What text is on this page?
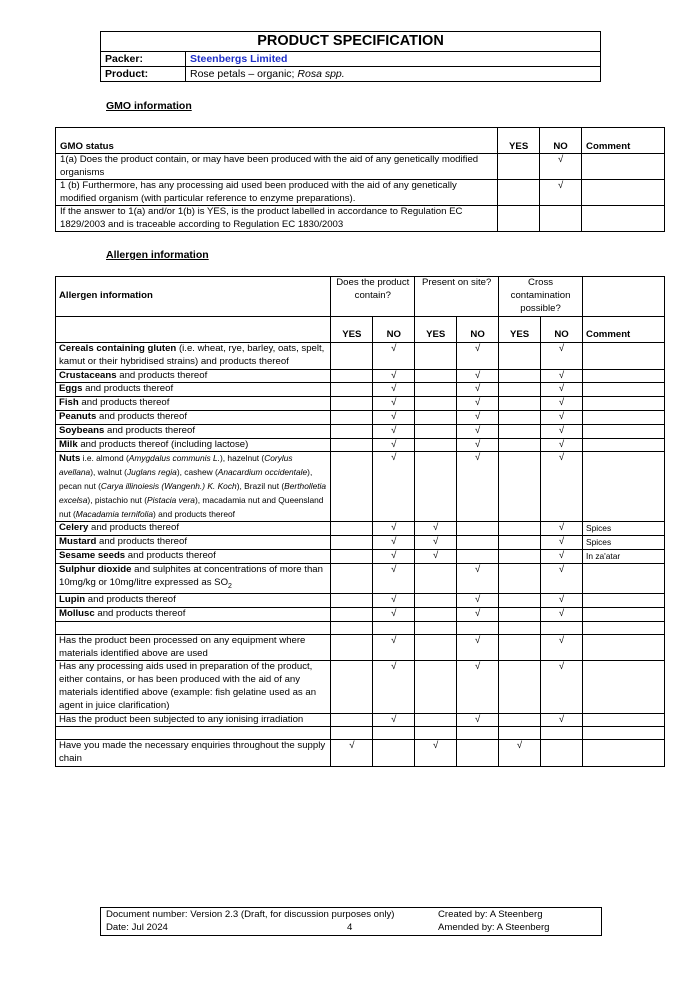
PRODUCT SPECIFICATION	
Packer:	Steenbergs Limited
Product:	Rose petals – organic; Rosa spp.
GMO information
GMO status	YES	NO	Comment
1(a) Does the product contain, or may have been produced with the aid of any genetically modified organisms		√	
1 (b) Furthermore, has any processing aid used been produced with the aid of any genetically modified organism (with particular reference to enzyme preparations).		√	
If the answer to 1(a) and/or 1(b) is YES, is the product labelled in accordance to Regulation EC 1829/2003 and is traceable according to Regulation EC 1830/2003			
Allergen information
Allergen information	Does the product contain?		Present on site?		Cross contamination possible?		
	YES	NO	YES	NO	YES	NO	Comment
Cereals containing gluten (i.e. wheat, rye, barley, oats, spelt, kamut or their hybridised strains) and products thereof		√		√		√	
Crustaceans and products thereof		√		√		√	
Eggs and products thereof		√		√		√	
Fish and products thereof		√		√		√	
Peanuts and products thereof		√		√		√	
Soybeans and products thereof		√		√		√	
Milk and products thereof (including lactose)		√		√		√	
Nuts i.e. almond (Amygdalus communis L.), hazelnut (Corylus avellana), walnut (Juglans regia), cashew (Anacardium occidentale), pecan nut (Carya illinoiesis (Wangenh.) K. Koch), Brazil nut (Bertholletia excelsa), pistachio nut (Pistacia vera), macadamia nut and Queensland nut (Macadamia ternifolia) and products thereof		√		√		√	
Celery and products thereof		√	√			√	Spices
Mustard and products thereof		√	√			√	Spices
Sesame seeds and products thereof		√	√			√	In za'atar
Sulphur dioxide and sulphites at concentrations of more than 10mg/kg or 10mg/litre expressed as $SO_2$		√		√		√	
Lupin and products thereof		√		√		√	
Mollusc and products thereof		√		√		√	

Has the product been processed on any equipment where materials identified above are used		√		√		√	
Has any processing aids used in preparation of the product, either contains, or has been produced with the aid of any materials identified above (example: fish gelatine used as an agent in juice clarification)		√		√		√	
Has the product been subjected to any ionising irradiation		√		√		√	

Have you made the necessary enquiries throughout the supply chain	√		√		√		
Document number: Version 2.3 (Draft, for discussion purposes only)
Date: Jul 2024	4
Created by: A Steenberg
Amended by: A Steenberg
